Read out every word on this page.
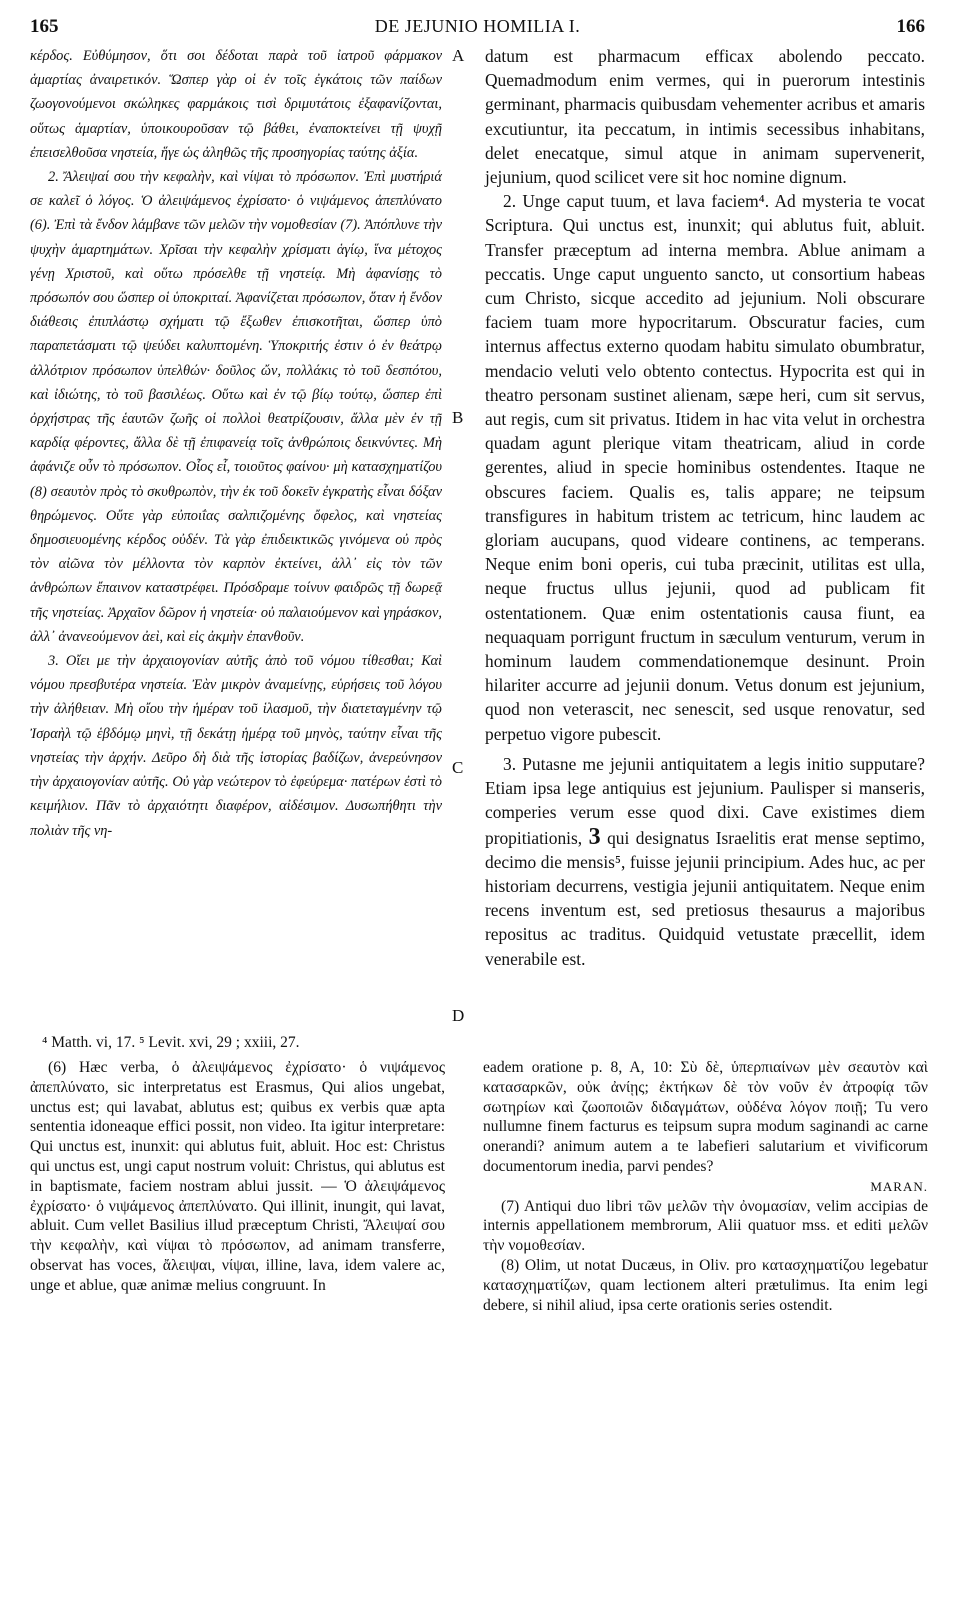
165	DE JEJUNIO HOMILIA I.	166

κέρδος. Εὐθύμησον, ὅτι σοι δέδοται παρὰ τοῦ ἰατροῦ φάρμακον ἁμαρτίας ἀναιρετικόν. Ὥσπερ γὰρ οἱ ἐν τοῖς ἐγκάτοις τῶν παίδων ζωογονούμενοι σκώληκες φαρμάκοις τισὶ δριμυτάτοις ἐξαφανίζονται, οὕτως ἁμαρτίαν, ὑποικουροῦσαν τῷ βάθει, ἐναποκτείνει τῇ ψυχῇ ἐπεισελθοῦσα νηστεία, ἥγε ὡς ἀληθῶς τῆς προσηγορίας ταύτης ἀξία.

2. Ἄλειψαί σου τὴν κεφαλὴν, καὶ νίψαι τὸ πρόσωπον. Ἐπὶ μυστήριά σε καλεῖ ὁ λόγος. Ὁ ἀλειψάμενος ἐχρίσατο· ὁ νιψάμενος ἀπεπλύνατο (6). Ἐπὶ τὰ ἔνδον λάμβανε τῶν μελῶν τὴν νομοθεσίαν (7). Ἀπόπλυνε τὴν ψυχὴν ἁμαρτημάτων. Χρῖσαι τὴν κεφαλὴν χρίσματι ἁγίῳ, ἵνα μέτοχος γένῃ Χριστοῦ, καὶ οὕτω πρόσελθε τῇ νηστείᾳ. Μὴ ἀφανίσῃς τὸ πρόσωπόν σου ὥσπερ οἱ ὑποκριταί. Ἀφανίζεται πρόσωπον, ὅταν ἡ ἔνδον διάθεσις ἐπιπλάστῳ σχήματι τῷ ἔξωθεν ἐπισκοτῆται, ὥσπερ ὑπὸ παραπετάσματι τῷ ψεύδει καλυπτομένη. Ὑποκριτής ἐστιν ὁ ἐν θεάτρῳ ἀλλότριον πρόσωπον ὑπελθών· δοῦλος ὤν, πολλάκις τὸ τοῦ δεσπότου, καὶ ἰδιώτης, τὸ τοῦ βασιλέως. Οὕτω καὶ ἐν τῷ βίῳ τούτῳ, ὥσπερ ἐπὶ ὀρχήστρας τῆς ἑαυτῶν ζωῆς οἱ πολλοὶ θεατρίζουσιν, ἄλλα μὲν ἐν τῇ καρδίᾳ φέροντες, ἄλλα δὲ τῇ ἐπιφανείᾳ τοῖς ἀνθρώποις δεικνύντες. Μὴ ἀφάνιζε οὖν τὸ πρόσωπον. Οἷος εἶ, τοιοῦτος φαίνου· μὴ κατασχηματίζου (8) σεαυτὸν πρὸς τὸ σκυθρωπὸν, τὴν ἐκ τοῦ δοκεῖν ἐγκρατὴς εἶναι δόξαν θηρώμενος. Οὔτε γὰρ εὐποιΐας σαλπιζομένης ὄφελος, καὶ νηστείας δημοσιευομένης κέρδος οὐδέν. Τὰ γὰρ ἐπιδεικτικῶς γινόμενα οὐ πρὸς τὸν αἰῶνα τὸν μέλλοντα τὸν καρπὸν ἐκτείνει, ἀλλ᾽ εἰς τὸν τῶν ἀνθρώπων ἔπαινον καταστρέφει. Πρόσδραμε τοίνυν φαιδρῶς τῇ δωρεᾷ τῆς νηστείας. Ἀρχαῖον δῶρον ἡ νηστεία· οὐ παλαιούμενον καὶ γηράσκον, ἀλλ᾽ ἀνανεούμενον ἀεὶ, καὶ εἰς ἀκμὴν ἐπανθοῦν.

3. Οἴει με τὴν ἀρχαιογονίαν αὐτῆς ἀπὸ τοῦ νόμου τίθεσθαι; Καὶ νόμου πρεσβυτέρα νηστεία. Ἐὰν μικρὸν ἀναμείνῃς, εὑρήσεις τοῦ λόγου τὴν ἀλήθειαν. Μὴ οἴου τὴν ἡμέραν τοῦ ἱλασμοῦ, τὴν διατεταγμένην τῷ Ἰσραὴλ τῷ ἑβδόμῳ μηνὶ, τῇ δεκάτῃ ἡμέρᾳ τοῦ μηνὸς, ταύτην εἶναι τῆς νηστείας τὴν ἀρχήν. Δεῦρο δὴ διὰ τῆς ἱστορίας βαδίζων, ἀνερεύνησον τὴν ἀρχαιογονίαν αὐτῆς. Οὐ γὰρ νεώτερον τὸ ἐφεύρεμα· πατέρων ἐστὶ τὸ κειμήλιον. Πᾶν τὸ ἀρχαιότητι διαφέρον, αἰδέσιμον. Δυσωπήθητι τὴν πολιὰν τῆς νη-

A
B
C
D

datum est pharmacum efficax abolendo peccato. Quemadmodum enim vermes, qui in puerorum intestinis germinant, pharmacis quibusdam vehementer acribus et amaris excutiuntur, ita peccatum, in intimis secessibus inhabitans, delet enecatque, simul atque in animam supervenerit, jejunium, quod scilicet vere sit hoc nomine dignum.

2. Unge caput tuum, et lava faciem⁴. Ad mysteria te vocat Scriptura. Qui unctus est, inunxit; qui ablutus fuit, abluit. Transfer præceptum ad interna membra. Ablue animam a peccatis. Unge caput unguento sancto, ut consortium habeas cum Christo, sicque accedito ad jejunium. Noli obscurare faciem tuam more hypocritarum. Obscuratur facies, cum internus affectus externo quodam habitu simulato obumbratur, mendacio veluti velo obtento contectus. Hypocrita est qui in theatro personam sustinet alienam, sæpe heri, cum sit servus, aut regis, cum sit privatus. Itidem in hac vita velut in orchestra quadam agunt plerique vitam theatricam, aliud in corde gerentes, aliud in specie hominibus ostendentes. Itaque ne obscures faciem. Qualis es, talis appare; ne teipsum transfigures in habitum tristem ac tetricum, hinc laudem ac gloriam aucupans, quod videare continens, ac temperans. Neque enim boni operis, cui tuba præcinit, utilitas est ulla, neque fructus ullus jejunii, quod ad publicam fit ostentationem. Quæ enim ostentationis causa fiunt, ea nequaquam porrigunt fructum in sæculum venturum, verum in hominum laudem commendationemque desinunt. Proin hilariter accurre ad jejunii donum. Vetus donum est jejunium, quod non veterascit, nec senescit, sed usque renovatur, sed perpetuo vigore pubescit.

3. Putasne me jejunii antiquitatem a legis initio supputare? Etiam ipsa lege antiquius est jejunium. Paulisper si manseris, comperies verum esse quod dixi. Cave existimes diem propitiationis, 3 qui designatus Israelitis erat mense septimo, decimo die mensis⁵, fuisse jejunii principium. Ades huc, ac per historiam decurrens, vestigia jejunii antiquitatem. Neque enim recens inventum est, sed pretiosus thesaurus a majoribus repositus ac traditus. Quidquid vetustate præcellit, idem venerabile est.

⁴ Matth. vi, 17. ⁵ Levit. xvi, 29 ; xxiii, 27.

(6) Hæc verba, ὁ ἀλειψάμενος ἐχρίσατο· ὁ νιψάμενος ἀπεπλύνατο, sic interpretatus est Erasmus, Qui alios ungebat, unctus est; qui lavabat, ablutus est; quibus ex verbis quæ apta sententia idoneaque effici possit, non video. Ita igitur interpretare: Qui unctus est, inunxit: qui ablutus fuit, abluit. Hoc est: Christus qui unctus est, ungi caput nostrum voluit: Christus, qui ablutus est in baptismate, faciem nostram ablui jussit. — Ὁ ἀλειψάμενος ἐχρίσατο· ὁ νιψάμενος ἀπεπλύνατο. Qui illinit, inungit, qui lavat, abluit. Cum vellet Basilius illud præceptum Christi, Ἄλειψαί σου τὴν κεφαλὴν, καὶ νίψαι τὸ πρόσωπον, ad animam transferre, observat has voces, ἄλειψαι, νίψαι, illine, lava, idem valere ac, unge et ablue, quæ animæ melius congruunt. In

eadem oratione p. 8, A, 10: Σὺ δὲ, ὑπερπιαίνων μὲν σεαυτὸν καὶ κατασαρκῶν, οὐκ ἀνίῃς; ἐκτήκων δὲ τὸν νοῦν ἐν ἀτροφίᾳ τῶν σωτηρίων καὶ ζωοποιῶν διδαγμάτων, οὐδένα λόγον ποιῇ; Tu vero nullumne finem facturus es teipsum supra modum saginandi ac carne onerandi? animum autem a te labefieri salutarium et vivificorum documentorum inedia, parvi pendes?

MARAN.

(7) Antiqui duo libri τῶν μελῶν τὴν ὀνομασίαν, velim accipias de internis appellationem membrorum, Alii quatuor mss. et editi μελῶν τὴν νομοθεσίαν.

(8) Olim, ut notat Ducæus, in Oliv. pro κατασχηματίζου legebatur κατασχηματίζων, quam lectionem alteri prætulimus. Ita enim legi debere, si nihil aliud, ipsa certe orationis series ostendit.
